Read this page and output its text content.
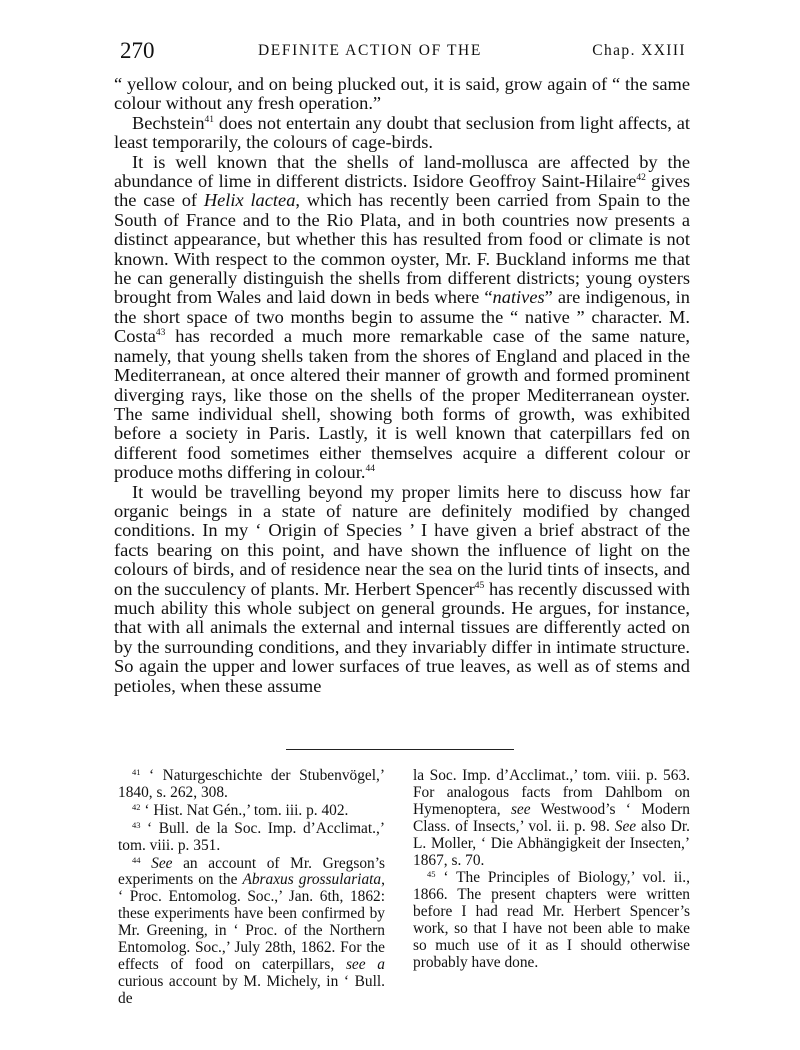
270	DEFINITE ACTION OF THE	Chap. XXIII

“ yellow colour, and on being plucked out, it is said, grow again of “ the same colour without any fresh operation.”

Bechstein$^{41}$ does not entertain any doubt that seclusion from light affects, at least temporarily, the colours of cage-birds.

It is well known that the shells of land-mollusca are affected by the abundance of lime in different districts. Isidore Geoffroy Saint-Hilaire$^{42}$ gives the case of Helix lactea, which has recently been carried from Spain to the South of France and to the Rio Plata, and in both countries now presents a distinct appearance, but whether this has resulted from food or climate is not known. With respect to the common oyster, Mr. F. Buckland informs me that he can generally distinguish the shells from different districts; young oysters brought from Wales and laid down in beds where “natives” are indigenous, in the short space of two months begin to assume the “ native ” character. M. Costa$^{43}$ has recorded a much more remarkable case of the same nature, namely, that young shells taken from the shores of England and placed in the Mediterranean, at once altered their manner of growth and formed prominent diverging rays, like those on the shells of the proper Mediterranean oyster. The same individual shell, showing both forms of growth, was exhibited before a society in Paris. Lastly, it is well known that caterpillars fed on different food sometimes either themselves acquire a different colour or produce moths differing in colour.$^{44}$

It would be travelling beyond my proper limits here to discuss how far organic beings in a state of nature are definitely modified by changed conditions. In my ‘ Origin of Species ’ I have given a brief abstract of the facts bearing on this point, and have shown the influence of light on the colours of birds, and of residence near the sea on the lurid tints of insects, and on the succulency of plants. Mr. Herbert Spencer$^{45}$ has recently discussed with much ability this whole subject on general grounds. He argues, for instance, that with all animals the external and internal tissues are differently acted on by the surrounding conditions, and they invariably differ in intimate structure. So again the upper and lower surfaces of true leaves, as well as of stems and petioles, when these assume

$^{41}$ ‘ Naturgeschichte der Stubenvögel,’ 1840, s. 262, 308.

$^{42}$ ‘ Hist. Nat Gén.,’ tom. iii. p. 402.

$^{43}$ ‘ Bull. de la Soc. Imp. d’Acclimat.,’ tom. viii. p. 351.

$^{44}$ See an account of Mr. Gregson’s experiments on the Abraxus grossulariata, ‘ Proc. Entomolog. Soc.,’ Jan. 6th, 1862: these experiments have been confirmed by Mr. Greening, in ‘ Proc. of the Northern Entomolog. Soc.,’ July 28th, 1862. For the effects of food on caterpillars, see a curious account by M. Michely, in ‘ Bull. de

la Soc. Imp. d’Acclimat.,’ tom. viii. p. 563. For analogous facts from Dahlbom on Hymenoptera, see Westwood’s ‘ Modern Class. of Insects,’ vol. ii. p. 98. See also Dr. L. Moller, ‘ Die Abhängigkeit der Insecten,’ 1867, s. 70.

$^{45}$ ‘ The Principles of Biology,’ vol. ii., 1866. The present chapters were written before I had read Mr. Herbert Spencer’s work, so that I have not been able to make so much use of it as I should otherwise probably have done.
